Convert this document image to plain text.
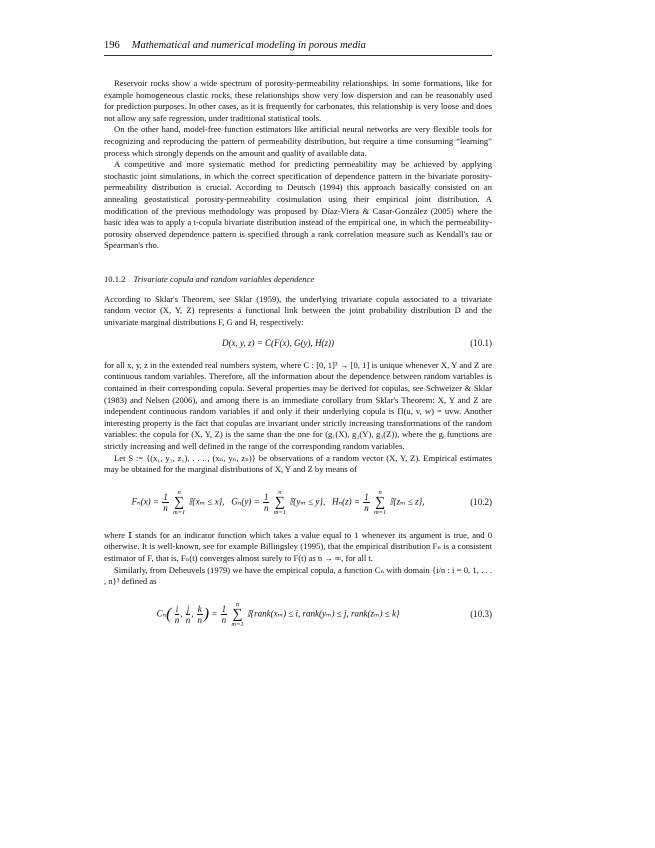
196 Mathematical and numerical modeling in porous media

Reservoir rocks show a wide spectrum of porosity-permeability relationships. In some formations, like for example homogeneous clastic rocks, these relationships show very low dispersion and can be reasonably used for prediction purposes. In other cases, as it is frequently for carbonates, this relationship is very loose and does not allow any safe regression, under traditional statistical tools.

On the other hand, model-free function estimators like artificial neural networks are very flexible tools for recognizing and reproducing the pattern of permeability distribution, but require a time consuming “learning” process which strongly depends on the amount and quality of available data.

A competitive and more systematic method for predicting permeability may be achieved by applying stochastic joint simulations, in which the correct specification of dependence pattern in the bivariate porosity-permeability distribution is crucial. According to Deutsch (1994) this approach basically consisted on an annealing geostatistical porosity-permeability cosimulation using their empirical joint distribution. A modification of the previous methodology was proposed by Díaz-Viera & Casar-González (2005) where the basic idea was to apply a t-copula bivariate distribution instead of the empirical one, in which the permeability-porosity observed dependence pattern is specified through a rank correlation measure such as Kendall's tau or Spearman's rho.

10.1.2 Trivariate copula and random variables dependence

According to Sklar's Theorem, see Sklar (1959), the underlying trivariate copula associated to a trivariate random vector (X, Y, Z) represents a functional link between the joint probability distribution D and the univariate marginal distributions F, G and H, respectively:

D(x, y, z) = C(F(x), G(y), H(z))	(10.1)

for all x, y, z in the extended real numbers system, where C : [0, 1]³ → [0, 1] is unique whenever X, Y and Z are continuous random variables. Therefore, all the information about the dependence between random variables is contained in their corresponding copula. Several properties may be derived for copulas, see Schweizer & Sklar (1983) and Nelsen (2006), and among there is an immediate corollary from Sklar's Theorem: X, Y and Z are independent continuous random variables if and only if their underlying copula is Π(u, v, w) = uvw. Another interesting property is the fact that copulas are invariant under strictly increasing transformations of the random variables: the copula for (X, Y, Z) is the same than the one for (g₁(X), g₂(Y), g₃(Z)), where the gᵢ functions are strictly increasing and well defined in the range of the corresponding random variables.

Let S := {(x₁, y₁, z₁), . . . , (xₙ, yₙ, zₙ)} be observations of a random vector (X, Y, Z). Empirical estimates may be obtained for the marginal distributions of X, Y and Z by means of

$F_n(x) = \frac{1}{n}$
	n
∑
m=1
𝕀{xₘ ≤ x}, $G_n(y) = \frac{1}{n}$
	n
∑
m=1
𝕀{yₘ ≤ y}, $H_n(z) = \frac{1}{n}$
	n
∑
m=1
𝕀{zₘ ≤ z},	(10.2)

where 𝕀 stands for an indicator function which takes a value equal to 1 whenever its argument is true, and 0 otherwise. It is well-known, see for example Billingsley (1995), that the empirical distribution Fₙ is a consistent estimator of F, that is, Fₙ(t) converges almost surely to F(t) as n → ∞, for all t.

Similarly, from Deheuvels (1979) we have the empirical copula, a function Cₙ with domain {i/n : i = 0, 1, . . . , n}³ defined as

$C_n( \frac{i}{n}$ , $\frac{j}{n}$ , $\frac{k}{n}$ ) = $\frac{1}{n}$
	n
∑
m=1
𝕀{rank(xₘ) ≤ i, rank(yₘ) ≤ j, rank(zₘ) ≤ k}	(10.3)
